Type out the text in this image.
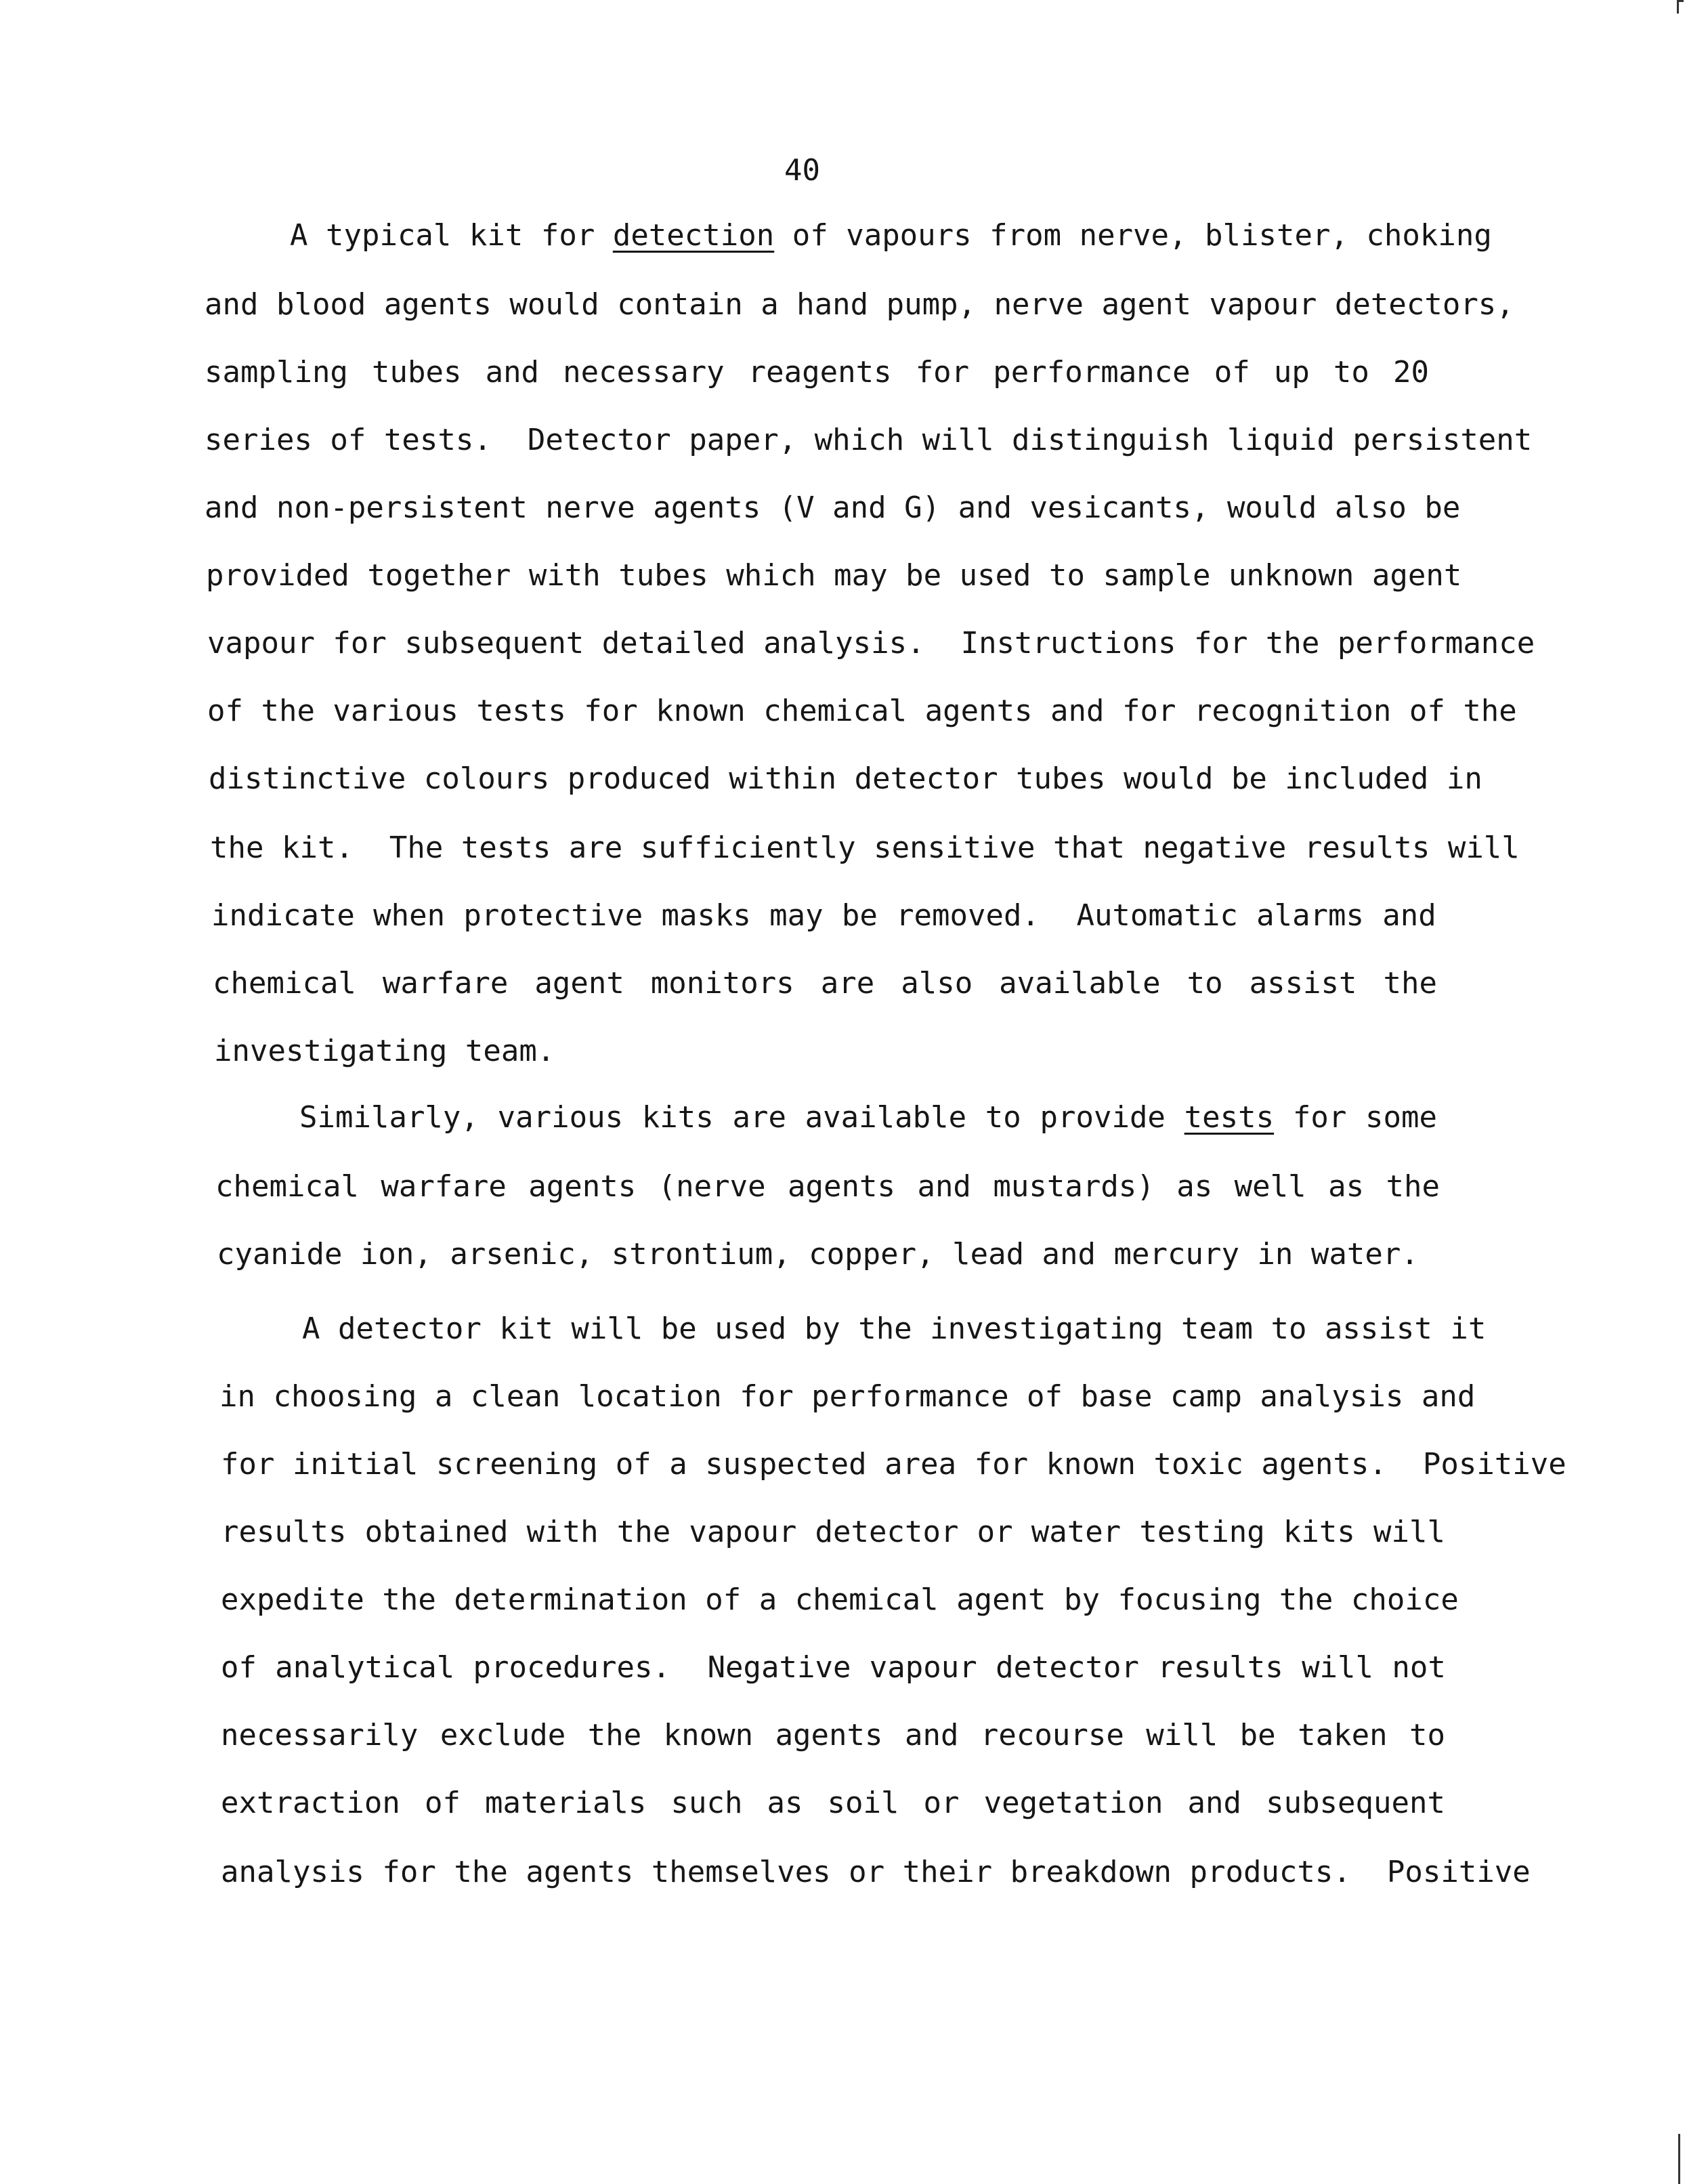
40
A typical kit for detection of vapours from nerve, blister, choking
and blood agents would contain a hand pump, nerve agent vapour detectors,
sampling tubes and necessary reagents for performance of up to 20
series of tests.  Detector paper, which will distinguish liquid persistent
and non-persistent nerve agents (V and G) and vesicants, would also be
provided together with tubes which may be used to sample unknown agent
vapour for subsequent detailed analysis.  Instructions for the performance
of the various tests for known chemical agents and for recognition of the
distinctive colours produced within detector tubes would be included in
the kit.  The tests are sufficiently sensitive that negative results will
indicate when protective masks may be removed.  Automatic alarms and
chemical warfare agent monitors are also available to assist the
investigating team.
Similarly, various kits are available to provide tests for some
chemical warfare agents (nerve agents and mustards) as well as the
cyanide ion, arsenic, strontium, copper, lead and mercury in water.
A detector kit will be used by the investigating team to assist it
in choosing a clean location for performance of base camp analysis and
for initial screening of a suspected area for known toxic agents.  Positive
results obtained with the vapour detector or water testing kits will
expedite the determination of a chemical agent by focusing the choice
of analytical procedures.  Negative vapour detector results will not
necessarily exclude the known agents and recourse will be taken to
extraction of materials such as soil or vegetation and subsequent
analysis for the agents themselves or their breakdown products.  Positive
